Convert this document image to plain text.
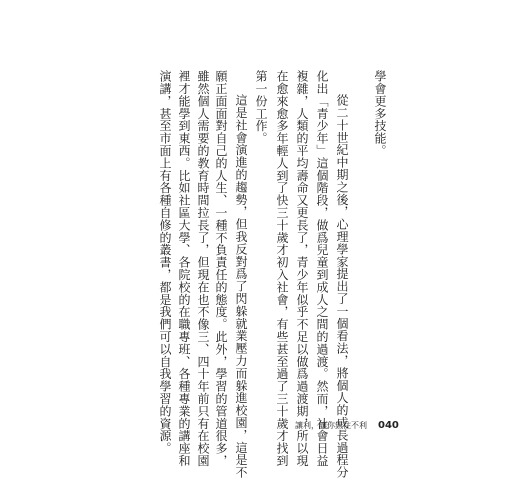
學會更多技能。
從二十世紀中期之後，心理學家提出了一個看法，將個人的成長過程分
化出「青少年」這個階段，做爲兒童到成人之間的過渡。然而，社會日益
複雜，人類的平均壽命又更長了，青少年似乎不足以做爲過渡期，所以現
在愈來愈多年輕人到了快三十歲才初入社會，有些甚至過了三十歲才找到
第一份工作。
這是社會演進的趨勢，但我反對爲了閃躲就業壓力而躲進校園，這是不
願正面面對自己的人生、一種不負責任的態度。此外，學習的管道很多，
雖然個人需要的教育時間拉長了，但現在也不像三、四十年前只有在校園
裡才能學到東西。比如社區大學、各院校的在職專班、各種專業的講座和
演講，甚至市面上有各種自修的叢書，都是我們可以自我學習的資源。	讓利，讓你無往不利 040
